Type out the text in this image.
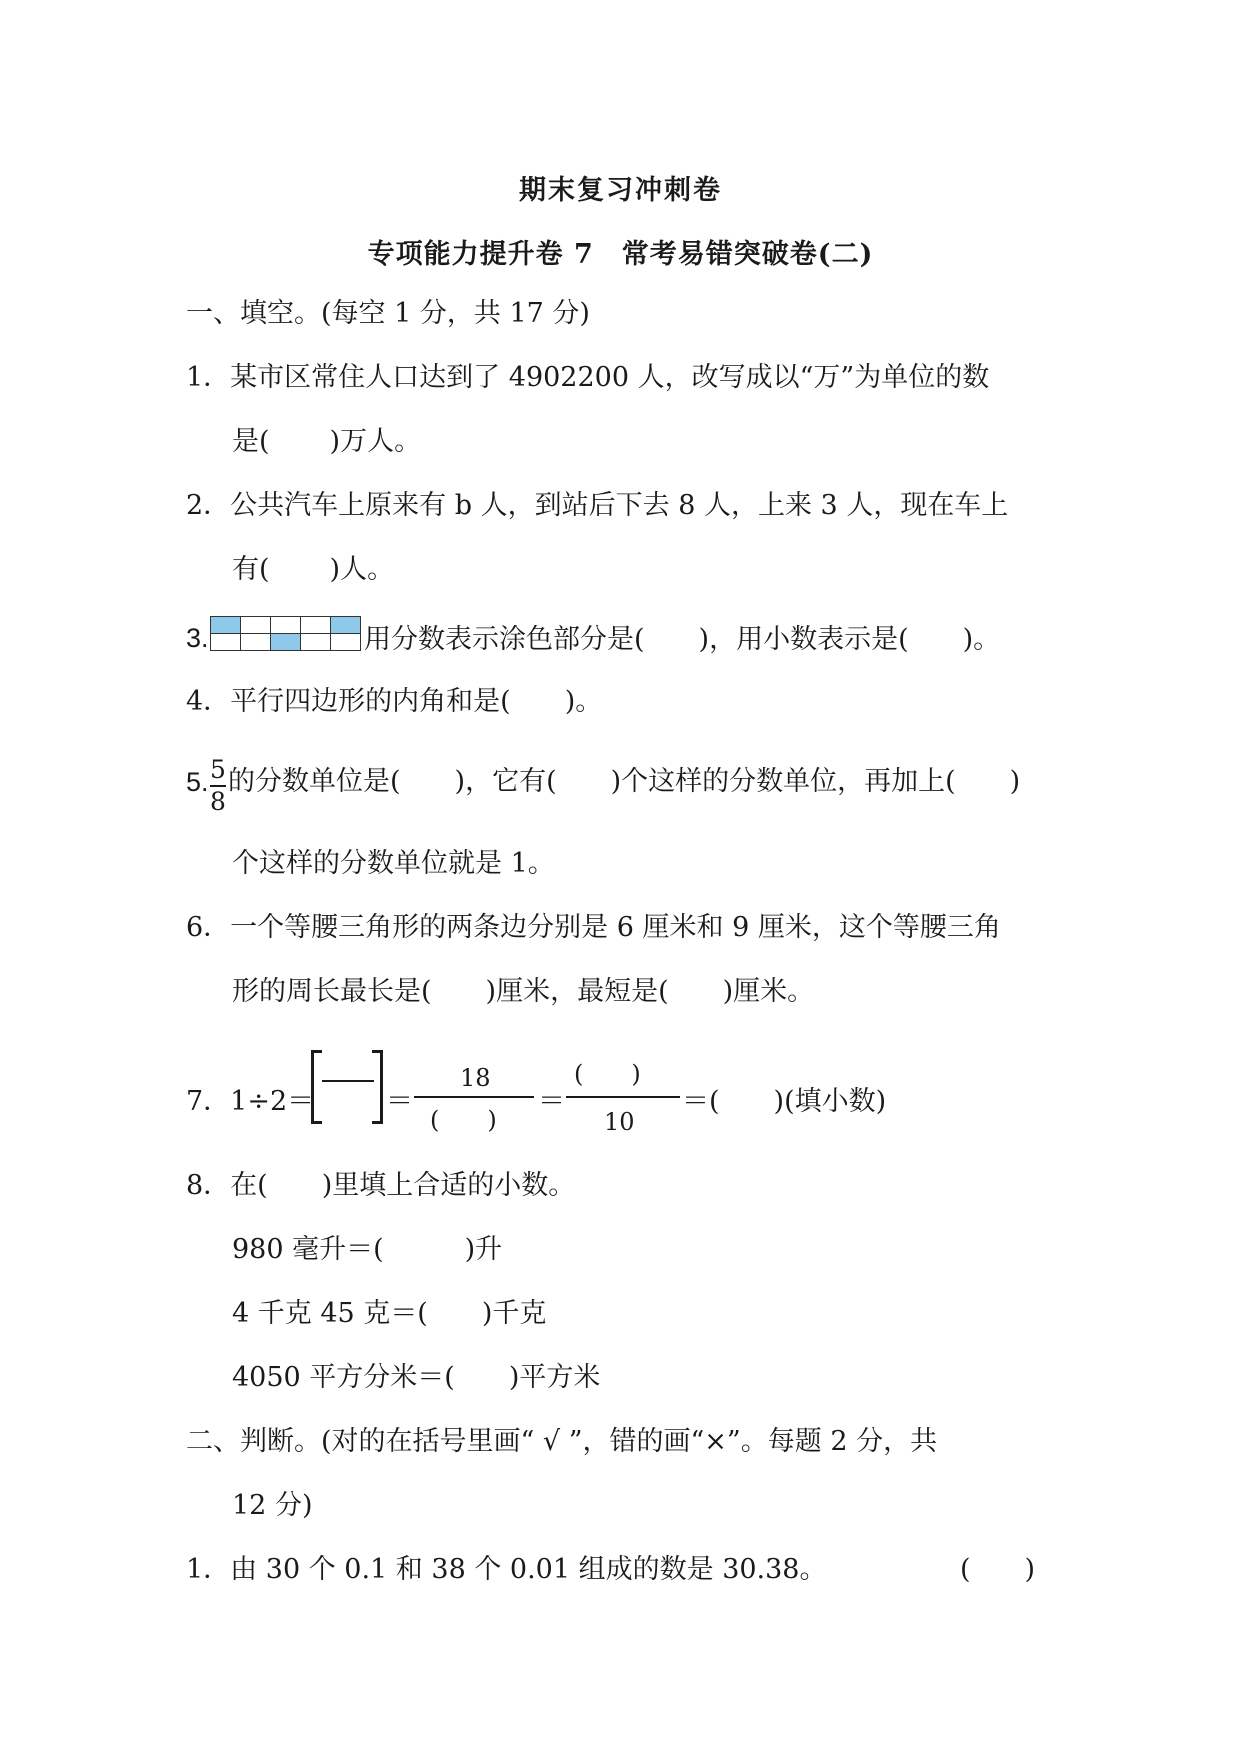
期末复习冲刺卷
专项能力提升卷 7　常考易错突破卷(二)
一、填空。(每空 1 分，共 17 分)
1．某市区常住人口达到了 4902200 人，改写成以“万”为单位的数
是( )万人。
2．公共汽车上原来有 b 人，到站后下去 8 人，上来 3 人，现在车上
有( )人。
3.

					用分数表示涂色部分是(　　)，用小数表示是(　　)。
4．平行四边形的内角和是(　　)。
5. 5
8
的分数单位是(　　)，它有(　　)个这样的分数单位，再加上(　　)
个这样的分数单位就是 1。
6．一个等腰三角形的两条边分别是 6 厘米和 9 厘米，这个等腰三角
形的周长最长是(　　)厘米，最短是(　　)厘米。
7．1÷2＝	＝
18
(　　)
＝
(　　)
10
＝(　　)(填小数)
8．在(　　)里填上合适的小数。
980 毫升＝(　　　)升
4 千克 45 克＝(　　)千克
4050 平方分米＝(　　)平方米
二、判断。(对的在括号里画“ √ ”，错的画“×”。每题 2 分，共
12 分)
1．由 30 个 0.1 和 38 个 0.01 组成的数是 30.38。	(　　)
